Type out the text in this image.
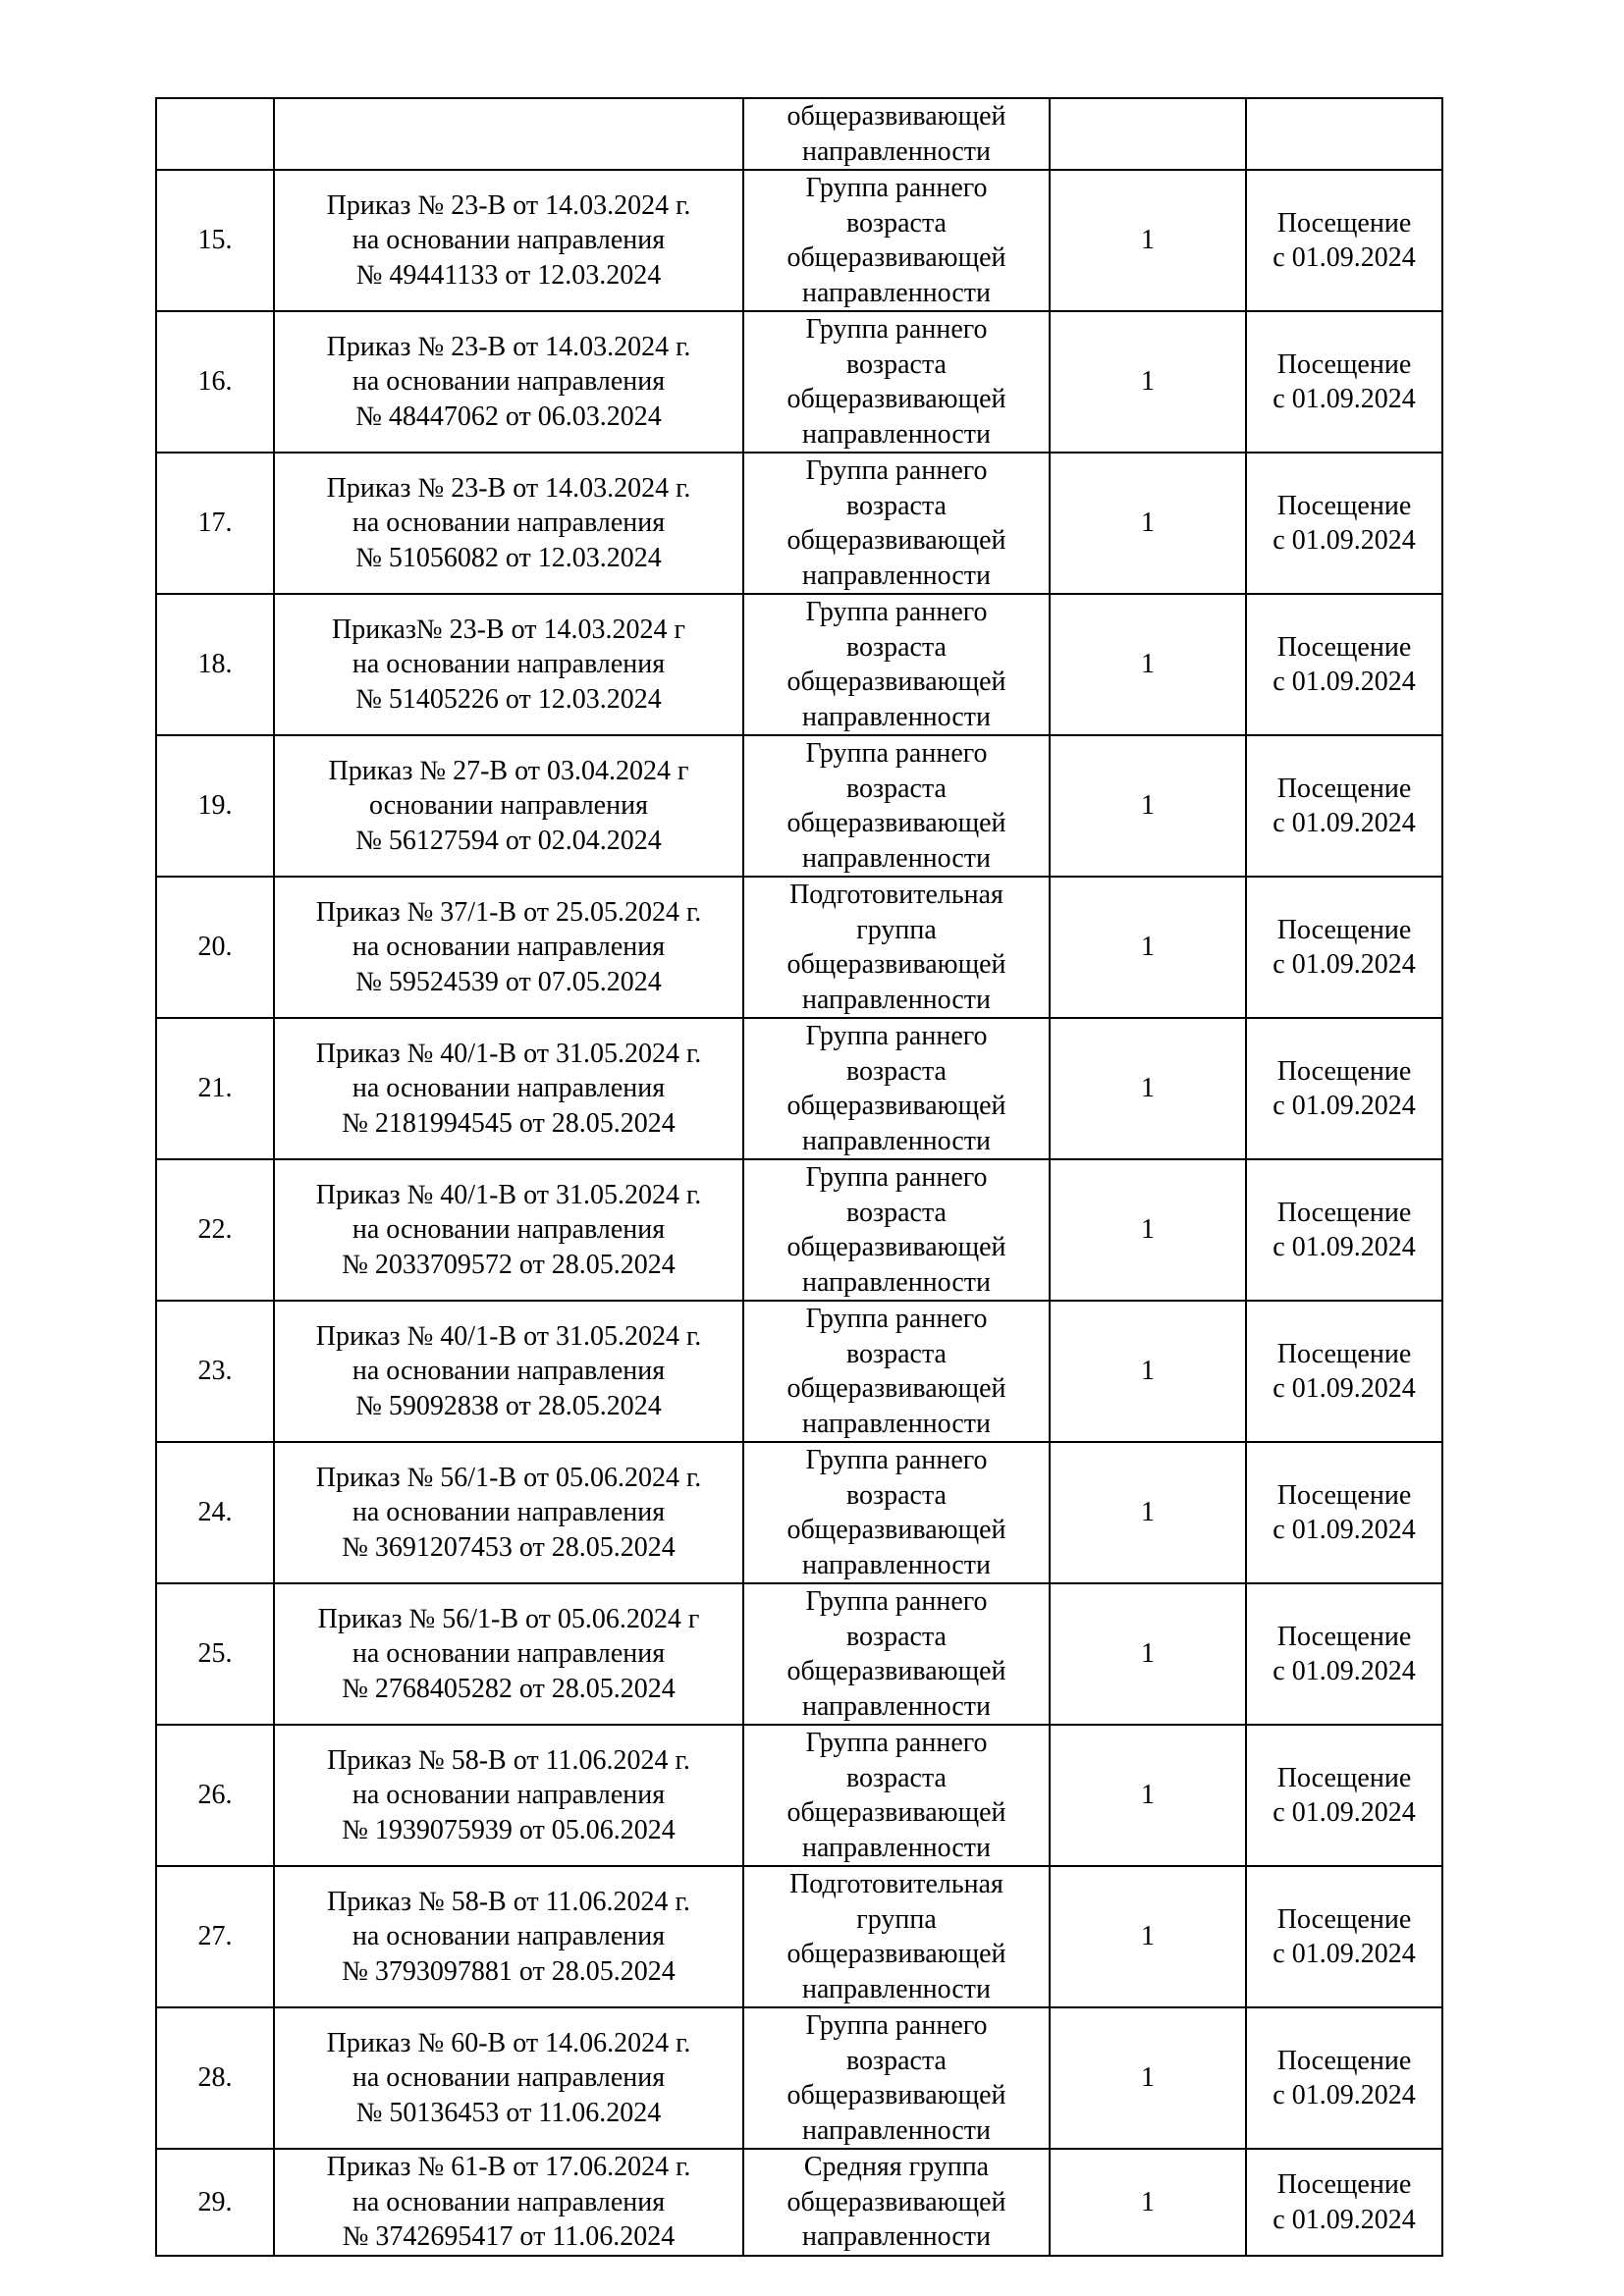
		общеразвивающей
направленности		

15.	Приказ № 23-В от 14.03.2024 г.
на основании направления
№ 49441133 от 12.03.2024	Группа раннего
возраста
общеразвивающей
направленности	1	Посещение
с 01.09.2024

16.	Приказ № 23-В от 14.03.2024 г.
на основании направления
№ 48447062 от 06.03.2024	Группа раннего
возраста
общеразвивающей
направленности	1	Посещение
с 01.09.2024

17.	Приказ № 23-В от 14.03.2024 г.
на основании направления
№ 51056082 от 12.03.2024	Группа раннего
возраста
общеразвивающей
направленности	1	Посещение
с 01.09.2024

18.	Приказ№ 23-В от 14.03.2024 г
на основании направления
№ 51405226 от 12.03.2024	Группа раннего
возраста
общеразвивающей
направленности	1	Посещение
с 01.09.2024

19.	Приказ № 27-В от 03.04.2024 г
основании направления
№ 56127594 от 02.04.2024	Группа раннего
возраста
общеразвивающей
направленности	1	Посещение
с 01.09.2024

20.	Приказ № 37/1-В от 25.05.2024 г.
на основании направления
№ 59524539 от 07.05.2024	Подготовительная
группа
общеразвивающей
направленности	1	Посещение
с 01.09.2024

21.	Приказ № 40/1-В от 31.05.2024 г.
на основании направления
№ 2181994545 от 28.05.2024	Группа раннего
возраста
общеразвивающей
направленности	1	Посещение
с 01.09.2024

22.	Приказ № 40/1-В от 31.05.2024 г.
на основании направления
№ 2033709572 от 28.05.2024	Группа раннего
возраста
общеразвивающей
направленности	1	Посещение
с 01.09.2024

23.	Приказ № 40/1-В от 31.05.2024 г.
на основании направления
№ 59092838 от 28.05.2024	Группа раннего
возраста
общеразвивающей
направленности	1	Посещение
с 01.09.2024

24.	Приказ № 56/1-В от 05.06.2024 г.
на основании направления
№ 3691207453 от 28.05.2024	Группа раннего
возраста
общеразвивающей
направленности	1	Посещение
с 01.09.2024

25.	Приказ № 56/1-В от 05.06.2024 г
на основании направления
№ 2768405282 от 28.05.2024	Группа раннего
возраста
общеразвивающей
направленности	1	Посещение
с 01.09.2024

26.	Приказ № 58-В от 11.06.2024 г.
на основании направления
№ 1939075939 от 05.06.2024	Группа раннего
возраста
общеразвивающей
направленности	1	Посещение
с 01.09.2024

27.	Приказ № 58-В от 11.06.2024 г.
на основании направления
№ 3793097881 от 28.05.2024	Подготовительная
группа
общеразвивающей
направленности	1	Посещение
с 01.09.2024

28.	Приказ № 60-В от 14.06.2024 г.
на основании направления
№ 50136453 от 11.06.2024	Группа раннего
возраста
общеразвивающей
направленности	1	Посещение
с 01.09.2024

29.	Приказ № 61-В от 17.06.2024 г.
на основании направления
№ 3742695417 от 11.06.2024	Средняя группа
общеразвивающей
направленности	1	Посещение
с 01.09.2024
